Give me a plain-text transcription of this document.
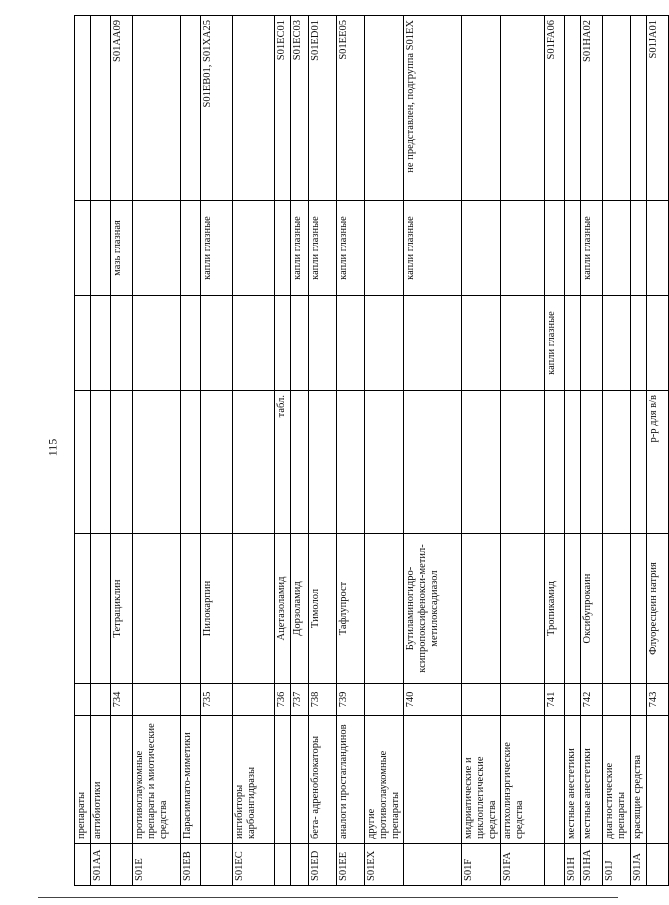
115
	препараты						
S01AA	антибиотики						
		734	Тетрациклин			мазь глазная	S01AA09
S01E	противоглаукомные препараты и миотические средства						
S01EB	Парасимпато-миметики						
		735	Пилокарпин			капли глазные	S01EB01, S01XA25
S01EC	ингибиторы карбоангидразы						
		736	Ацетазоламид	табл.			S01EC01
		737	Дорзоламид			капли глазные	S01EC03
S01ED	бета- адреноблокаторы	738	Тимолол			капли глазные	S01ED01
S01EE	аналоги простагландинов	739	Тафлупрост			капли глазные	S01EE05
S01EX	другие противоглаукомные препараты						
		740	Бутиламиногидро-ксипропоксифенокси-метил-метилоксадиазол			капли глазные	не представлен, подгруппа S01EX
S01F	мидриатические и циклоплегические средства						
S01FA	антихолинэргические средства						
		741	Тропикамид		капли глазные		S01FA06
S01H	местные анестетики						
S01HA	местные анестетики	742	Оксибупрокаин			капли глазные	S01HA02
S01J	диагностические препараты						
S01JA	красящие средства						
		743	Флуоресцеин натрия	р-р для в/в			S01JA01
